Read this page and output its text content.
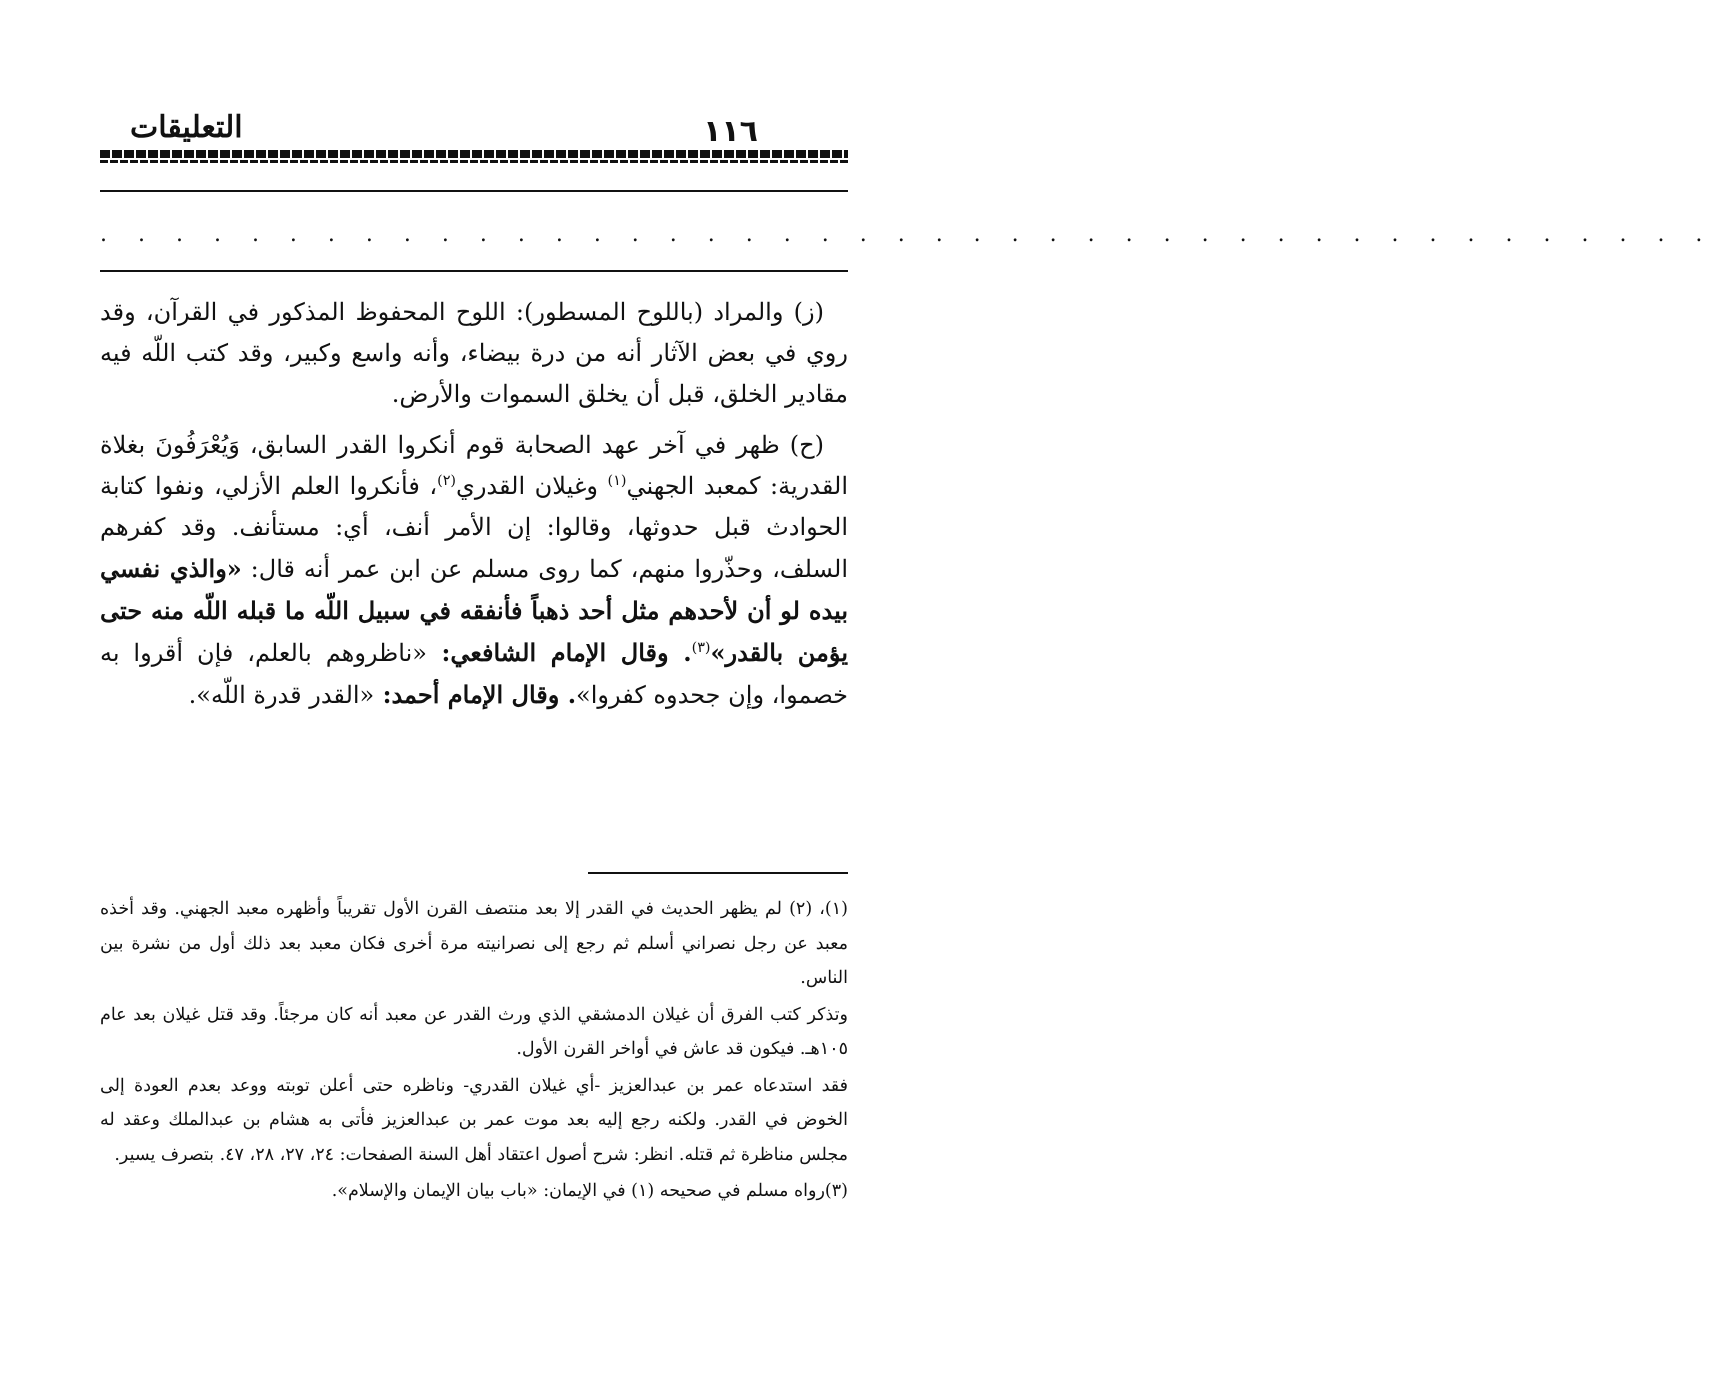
التعليقات	١١٦
. . . . . . . . . . . . . . . . . . . . . . . . . . . . . . . . . . . . . . . . . . .

(ز) والمراد (باللوح المسطور): اللوح المحفوظ المذكور في القرآن، وقد روي في بعض الآثار أنه من درة بيضاء، وأنه واسع وكبير، وقد كتب اللّه فيه مقادير الخلق، قبل أن يخلق السموات والأرض.

(ح) ظهر في آخر عهد الصحابة قوم أنكروا القدر السابق، وَيُعْرَفُونَ بغلاة القدرية: كمعبد الجهني$^{(١)}$ وغيلان القدري$^{(٢)}$، فأنكروا العلم الأزلي، ونفوا كتابة الحوادث قبل حدوثها، وقالوا: إن الأمر أنف، أي: مستأنف. وقد كفرهم السلف، وحذّروا منهم، كما روى مسلم عن ابن عمر أنه قال: «والذي نفسي بيده لو أن لأحدهم مثل أحد ذهباً فأنفقه في سبيل اللّه ما قبله اللّه منه حتى يؤمن بالقدر»$^{(٣)}$. وقال الإمام الشافعي: «ناظروهم بالعلم، فإن أقروا به خصموا، وإن جحدوه كفروا». وقال الإمام أحمد: «القدر قدرة اللّه».

(١)، (٢) لم يظهر الحديث في القدر إلا بعد منتصف القرن الأول تقريباً وأظهره معبد الجهني. وقد أخذه معبد عن رجل نصراني أسلم ثم رجع إلى نصرانيته مرة أخرى فكان معبد بعد ذلك أول من نشرة بين الناس.

وتذكر كتب الفرق أن غيلان الدمشقي الذي ورث القدر عن معبد أنه كان مرجئاً. وقد قتل غيلان بعد عام ١٠٥هـ. فيكون قد عاش في أواخر القرن الأول.

فقد استدعاه عمر بن عبدالعزيز -أي غيلان القدري- وناظره حتى أعلن توبته ووعد بعدم العودة إلى الخوض في القدر. ولكنه رجع إليه بعد موت عمر بن عبدالعزيز فأتى به هشام بن عبدالملك وعقد له مجلس مناظرة ثم قتله. انظر: شرح أصول اعتقاد أهل السنة الصفحات: ٢٤، ٢٧، ٢٨، ٤٧. بتصرف يسير.

(٣)رواه مسلم في صحيحه (١) في الإيمان: «باب بيان الإيمان والإسلام».
